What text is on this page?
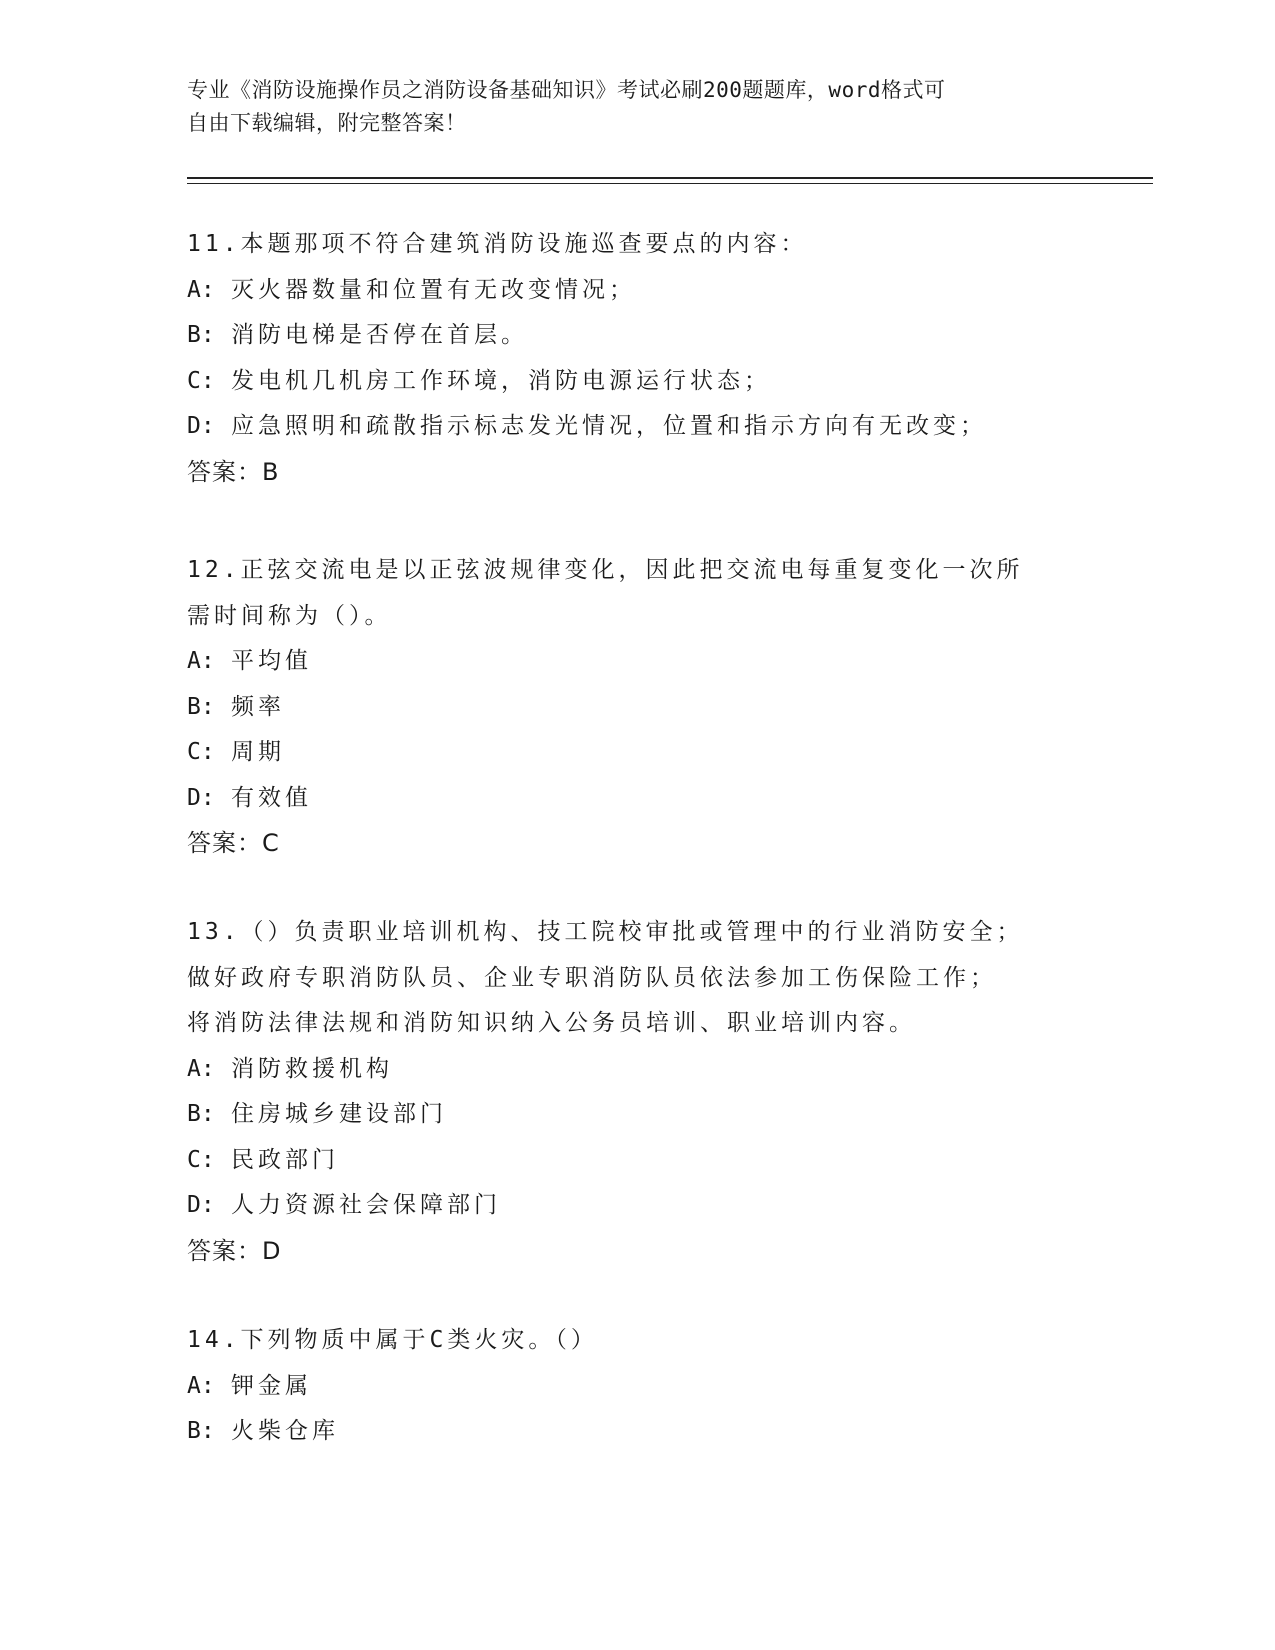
专业《消防设施操作员之消防设备基础知识》考试必刷200题题库，word格式可
自由下载编辑，附完整答案！
11.本题那项不符合建筑消防设施巡查要点的内容：
A: 灭火器数量和位置有无改变情况；
B: 消防电梯是否停在首层。
C: 发电机几机房工作环境，消防电源运行状态；
D: 应急照明和疏散指示标志发光情况，位置和指示方向有无改变；
答案：B
12.正弦交流电是以正弦波规律变化，因此把交流电每重复变化一次所
需时间称为（）。
A: 平均值
B: 频率
C: 周期
D: 有效值
答案：C
13.（）负责职业培训机构、技工院校审批或管理中的行业消防安全；
做好政府专职消防队员、企业专职消防队员依法参加工伤保险工作；
将消防法律法规和消防知识纳入公务员培训、职业培训内容。
A: 消防救援机构
B: 住房城乡建设部门
C: 民政部门
D: 人力资源社会保障部门
答案：D
14.下列物质中属于C类火灾。（）
A: 钾金属
B: 火柴仓库
